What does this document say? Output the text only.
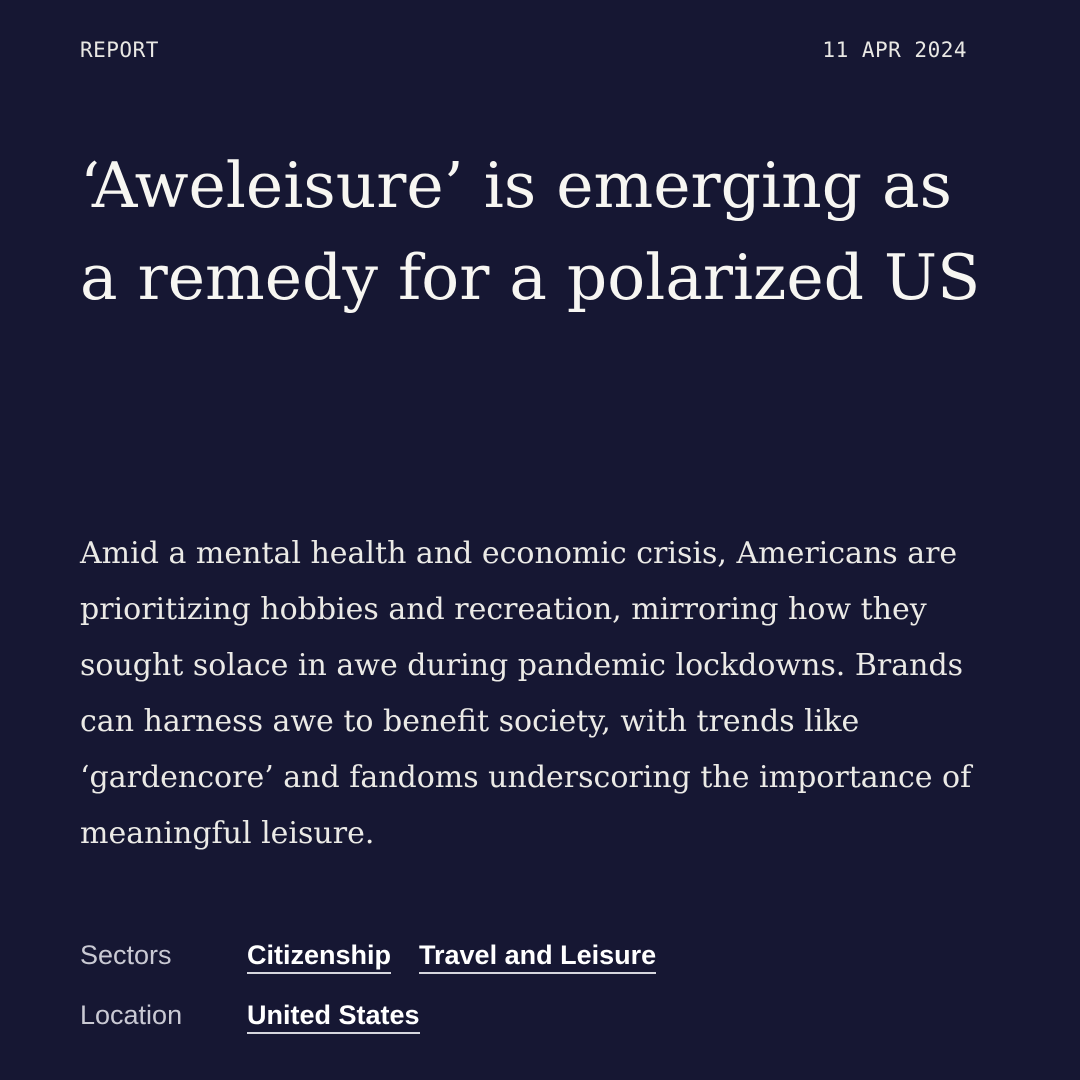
REPORT	11 APR 2024
‘Aweleisure’ is emerging as a remedy for a polarized US

Amid a mental health and economic crisis, Americans are prioritizing hobbies and recreation, mirroring how they sought solace in awe during pandemic lockdowns. Brands can harness awe to benefit society, with trends like ‘gardencore’ and fandoms underscoring the importance of meaningful leisure.

Sectors	Citizenship Travel and Leisure
Location	United States
